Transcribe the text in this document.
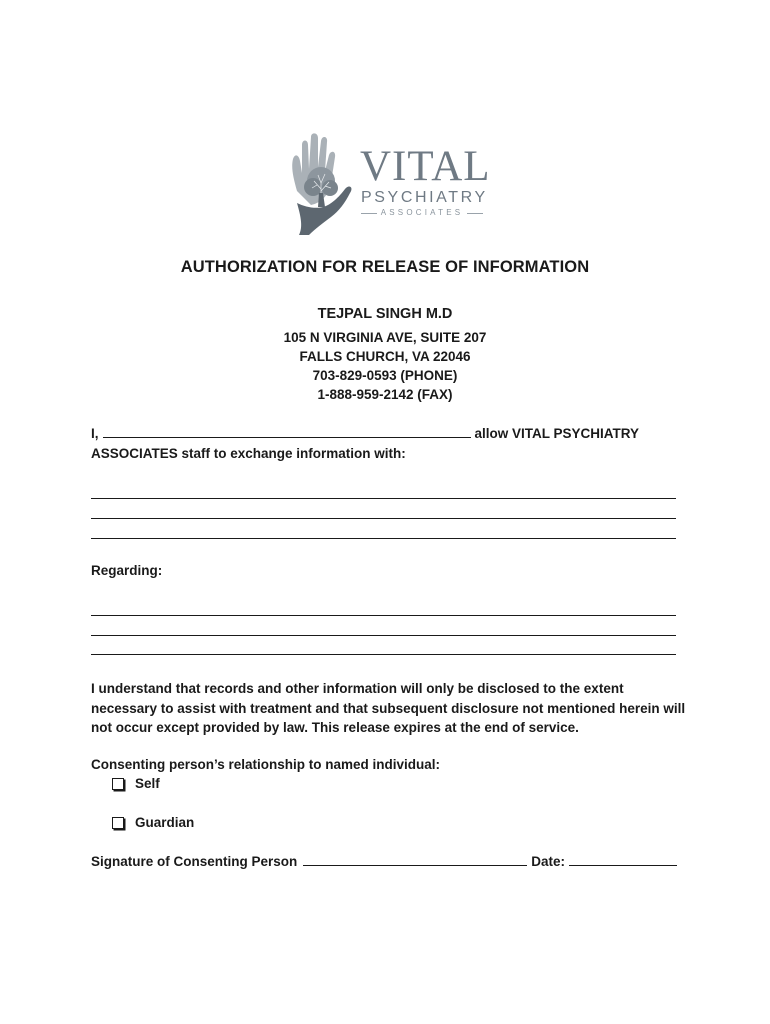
VITAL
PSYCHIATRY
ASSOCIATES
AUTHORIZATION FOR RELEASE OF INFORMATION
TEJPAL SINGH M.D
105 N VIRGINIA AVE, SUITE 207
FALLS CHURCH, VA 22046
703-829-0593 (PHONE)
1-888-959-2142 (FAX)
I,	allow VITAL PSYCHIATRY
ASSOCIATES staff to exchange information with:
Regarding:
I understand that records and other information will only be disclosed to the extent necessary to assist with treatment and that subsequent disclosure not mentioned herein will not occur except provided by law. This release expires at the end of service.
Consenting person’s relationship to named individual:
Self
Guardian
Signature of Consenting Person	Date:
